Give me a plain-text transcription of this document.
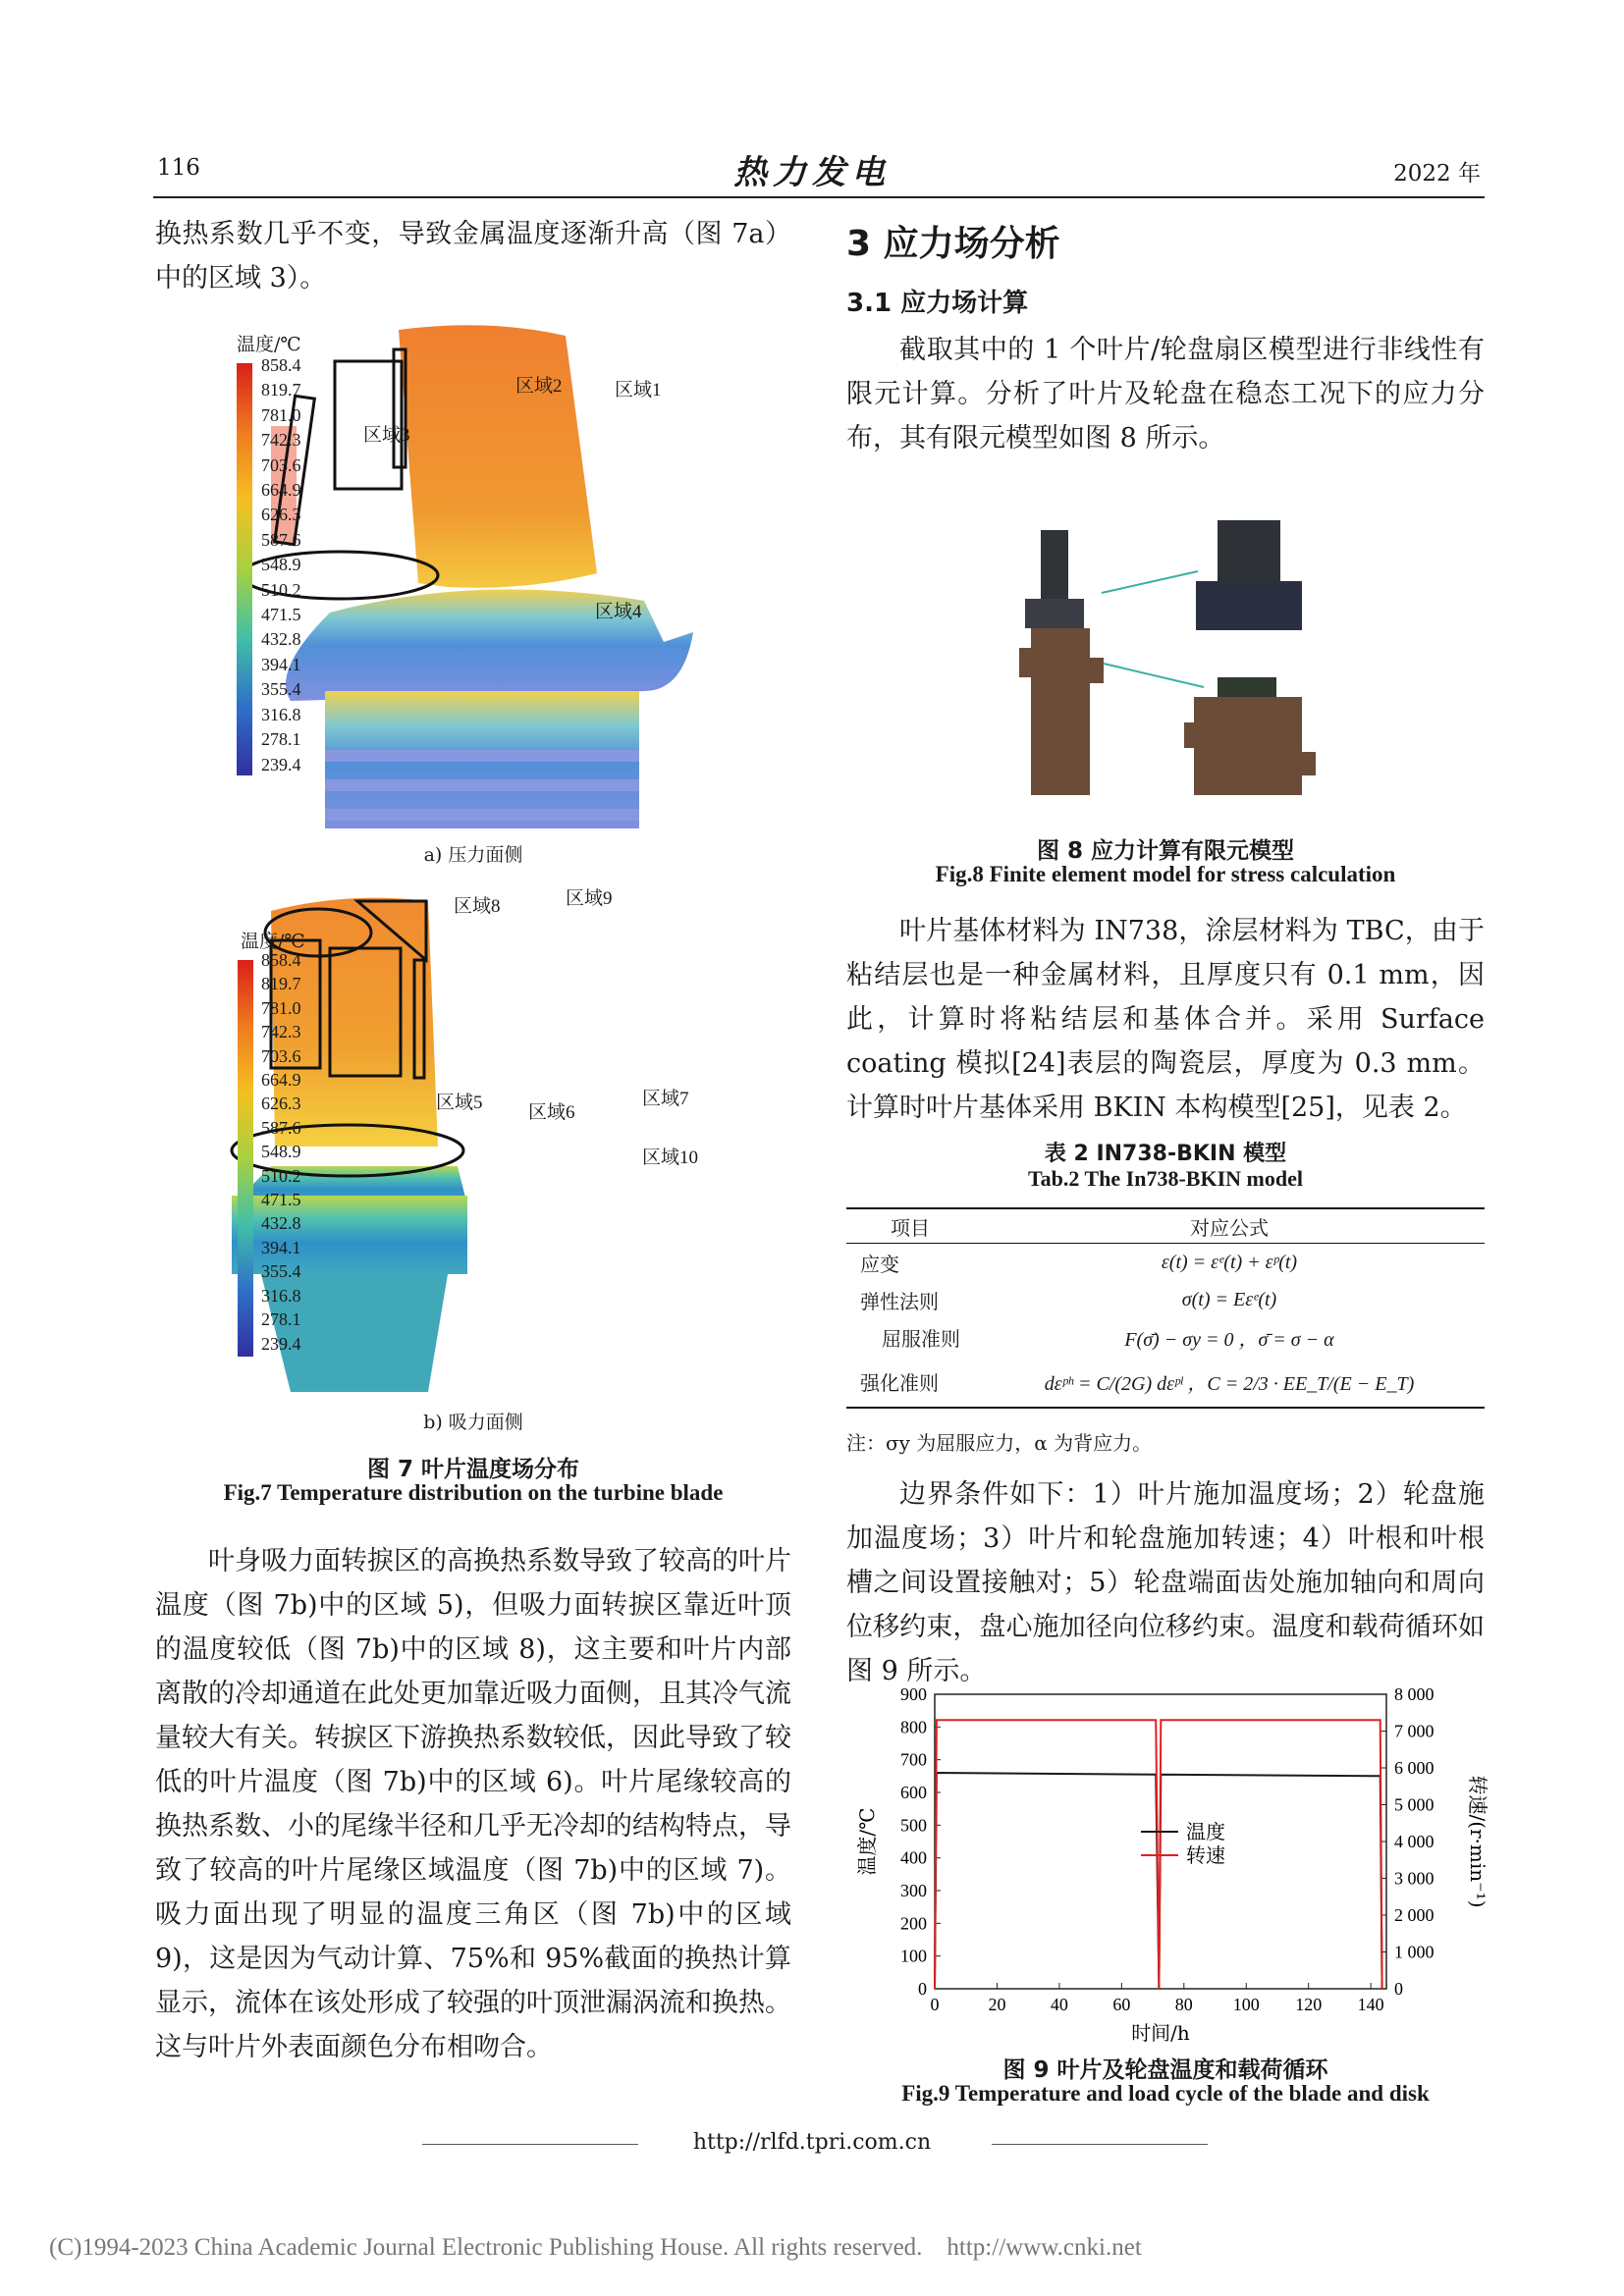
116	热力发电	2022 年

换热系数几乎不变，导致金属温度逐渐升高（图 7a）中的区域 3）。

温度/℃
858.4
819.7
781.0
742.3
703.6
664.9
626.3
587.6
548.9
510.2
471.5
432.8
394.1
355.4
316.8
278.1
239.4
区域2	区域1
区域3
区域4
a) 压力面侧
温度/℃
858.4
819.7
781.0
742.3
703.6
664.9
626.3
587.6
548.9
510.2
471.5
432.8
394.1
355.4
316.8
278.1
239.4
区域8	区域9
区域5 区域6
区域7
区域10
b) 吸力面侧
图 7 叶片温度场分布
Fig.7 Temperature distribution on the turbine blade

叶身吸力面转捩区的高换热系数导致了较高的叶片温度（图 7b)中的区域 5)，但吸力面转捩区靠近叶顶的温度较低（图 7b)中的区域 8)，这主要和叶片内部离散的冷却通道在此处更加靠近吸力面侧，且其冷气流量较大有关。转捩区下游换热系数较低，因此导致了较低的叶片温度（图 7b)中的区域 6)。叶片尾缘较高的换热系数、小的尾缘半径和几乎无冷却的结构特点，导致了较高的叶片尾缘区域温度（图 7b)中的区域 7)。吸力面出现了明显的温度三角区（图 7b)中的区域 9)，这是因为气动计算、75%和 95%截面的换热计算显示，流体在该处形成了较强的叶顶泄漏涡流和换热。这与叶片外表面颜色分布相吻合。

3 应力场分析
3.1 应力场计算

截取其中的 1 个叶片/轮盘扇区模型进行非线性有限元计算。分析了叶片及轮盘在稳态工况下的应力分布，其有限元模型如图 8 所示。

图 8 应力计算有限元模型
Fig.8 Finite element model for stress calculation

叶片基体材料为 IN738，涂层材料为 TBC，由于粘结层也是一种金属材料，且厚度只有 0.1 mm，因此，计算时将粘结层和基体合并。采用 Surface coating 模拟[24]表层的陶瓷层，厚度为 0.3 mm。计算时叶片基体采用 BKIN 本构模型[25]，见表 2。

表 2 IN738-BKIN 模型
Tab.2 The In738-BKIN model
项目	对应公式
应变	ε(t) = εᵉ(t) + εᵖ(t)
弹性法则	σ(t) = Eεᵉ(t)
屈服准则	F(σ̄) − σy = 0 ，σ̄ = σ − α
强化准则	dεᵖʰ = C/(2G) dεᵖˡ ，C = 2/3 · EE_T/(E − E_T)
注：σy 为屈服应力，α 为背应力。

边界条件如下：1）叶片施加温度场；2）轮盘施加温度场；3）叶片和轮盘施加转速；4）叶根和叶根槽之间设置接触对；5）轮盘端面齿处施加轴向和周向位移约束，盘心施加径向位移约束。温度和载荷循环如图 9 所示。

0
100
200
300
400
500
600
700
800
900
0
1 000
2 000
3 000
4 000
5 000
6 000
7 000
8 000
0	20	40	60	80 100 120 140
时间/h
温度/℃	转速/(r·min⁻¹)
温度
转速
图 9 叶片及轮盘温度和载荷循环
Fig.9 Temperature and load cycle of the blade and disk
http://rlfd.tpri.com.cn
(C)1994-2023 China Academic Journal Electronic Publishing House. All rights reserved.    http://www.cnki.net
